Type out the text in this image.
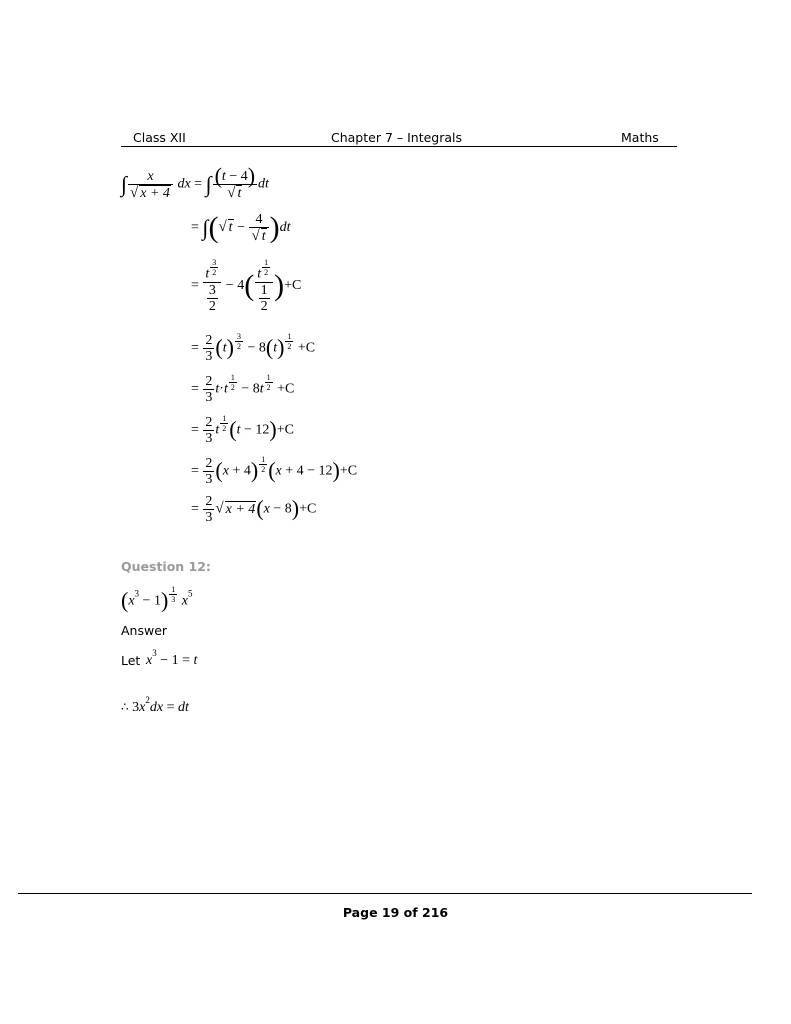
Class XII	Chapter 7 – Integrals	Maths
∫ $\frac{x}{√ x + 4}$ dx = ∫ $\frac{(t - 4)}{√ t}$ dt
= ∫(√ $t - \frac{4}{√ t} )dt$
= t $^{\frac{3}{2}}$
$\frac{3}{2} - 4$( t $^{\frac{1}{2}}$
$\frac{1}{2} )+C$
= $\frac{2}{3} (t) ^{\frac{3}{2}} - 8(t)$ $^{\frac{1}{2}}$ +C
= $\frac{2}{3} t\cdot t$ $^{\frac{1}{2}}$ − 8t $^{\frac{1}{2}}$ +C
= $\frac{2}{3}$ t $^{\frac{1}{2}}$ (t − 12)+C
= $\frac{2}{3} (x + 4)$ $^{\frac{1}{2}}$ (x + 4 − 12)+C
= $\frac{2}{3}$ √ x + 4(x − 8)+C
Question 12:
$(x^3 - 1)$ $^{\frac{1}{3}}$ $x^5$
Answer
Let $x^3 - 1 = t$
∴ $3x^2dx$ = dt
Page 19 of 216
